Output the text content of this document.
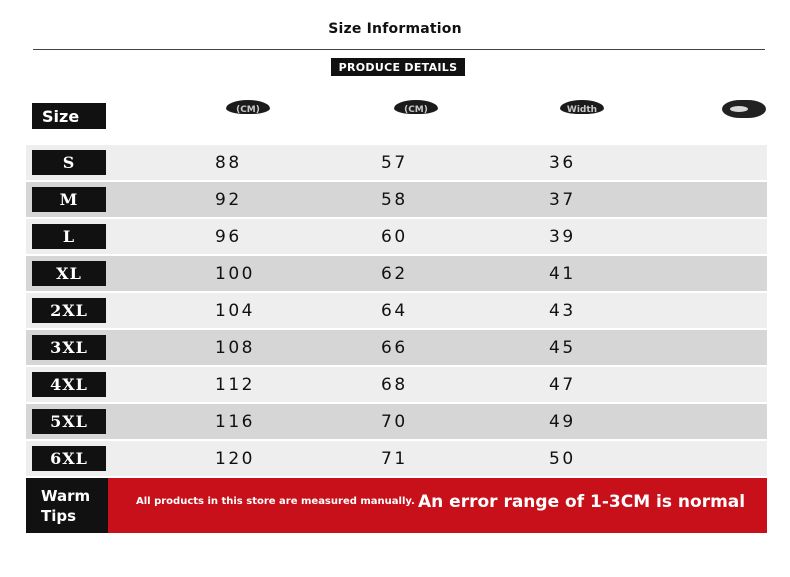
Size Information
PRODUCE DETAILS
Size	(CM)	(CM)	Width
S	88	57	36
M	92	58	37
L	96	60	39
XL	100	62	41
2XL	104	64	43
3XL	108	66	45
4XL	112	68	47
5XL	116	70	49
6XL	120	71	50
Warm
Tips
All products in this store are measured manually. An error range of 1-3CM is normal
